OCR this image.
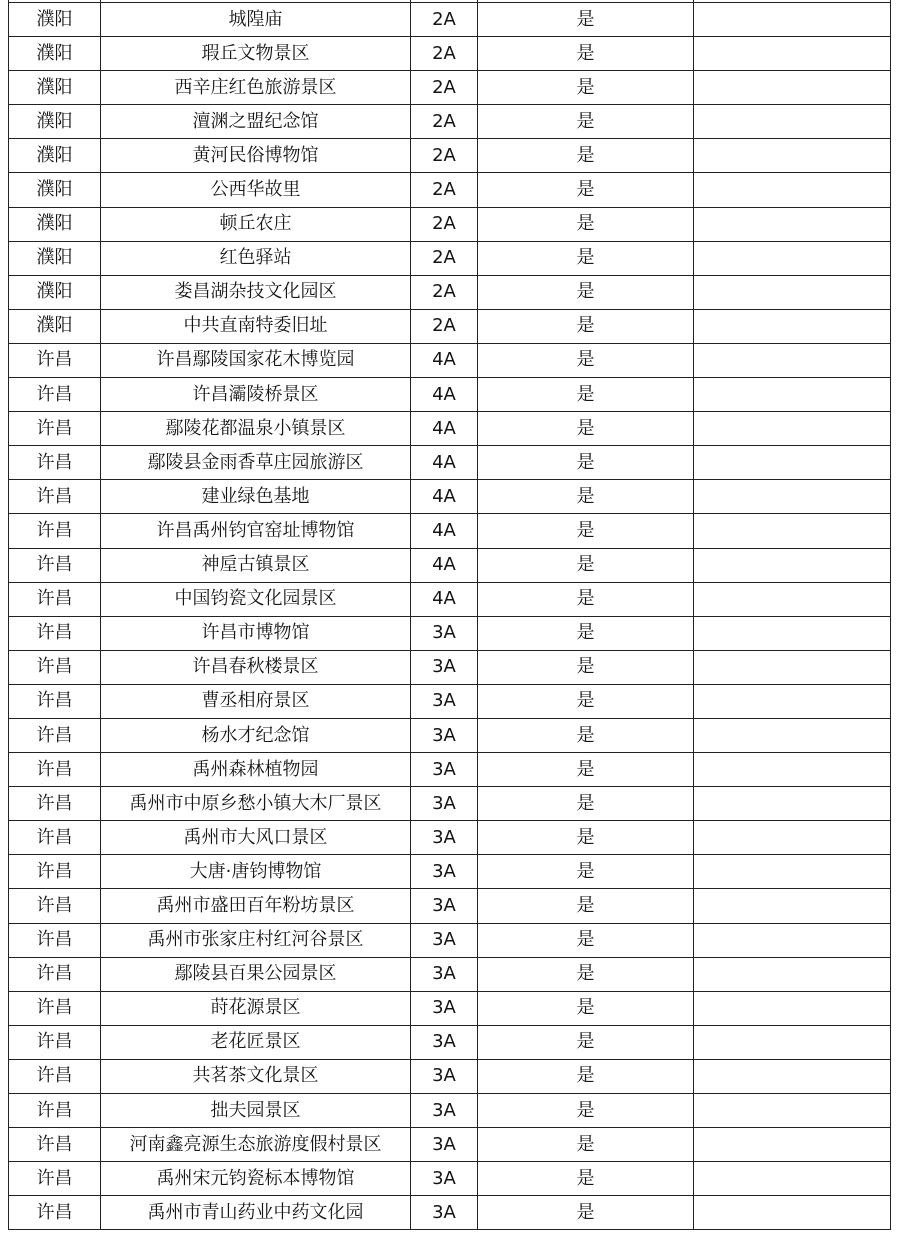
濮阳	城隍庙	2A	是
濮阳	瑕丘文物景区	2A	是
濮阳	西辛庄红色旅游景区	2A	是
濮阳	澶渊之盟纪念馆	2A	是
濮阳	黄河民俗博物馆	2A	是
濮阳	公西华故里	2A	是
濮阳	顿丘农庄	2A	是
濮阳	红色驿站	2A	是
濮阳	娄昌湖杂技文化园区	2A	是
濮阳	中共直南特委旧址	2A	是
许昌	许昌鄢陵国家花木博览园	4A	是
许昌	许昌灞陵桥景区	4A	是
许昌	鄢陵花都温泉小镇景区	4A	是
许昌	鄢陵县金雨香草庄园旅游区	4A	是
许昌	建业绿色基地	4A	是
许昌	许昌禹州钧官窑址博物馆	4A	是
许昌	神垕古镇景区	4A	是
许昌	中国钧瓷文化园景区	4A	是
许昌	许昌市博物馆	3A	是
许昌	许昌春秋楼景区	3A	是
许昌	曹丞相府景区	3A	是
许昌	杨水才纪念馆	3A	是
许昌	禹州森林植物园	3A	是
许昌	禹州市中原乡愁小镇大木厂景区	3A	是
许昌	禹州市大风口景区	3A	是
许昌	大唐·唐钧博物馆	3A	是
许昌	禹州市盛田百年粉坊景区	3A	是
许昌	禹州市张家庄村红河谷景区	3A	是
许昌	鄢陵县百果公园景区	3A	是
许昌	莳花源景区	3A	是
许昌	老花匠景区	3A	是
许昌	共茗茶文化景区	3A	是
许昌	拙夫园景区	3A	是
许昌	河南鑫亮源生态旅游度假村景区	3A	是
许昌	禹州宋元钧瓷标本博物馆	3A	是
许昌	禹州市青山药业中药文化园	3A	是
